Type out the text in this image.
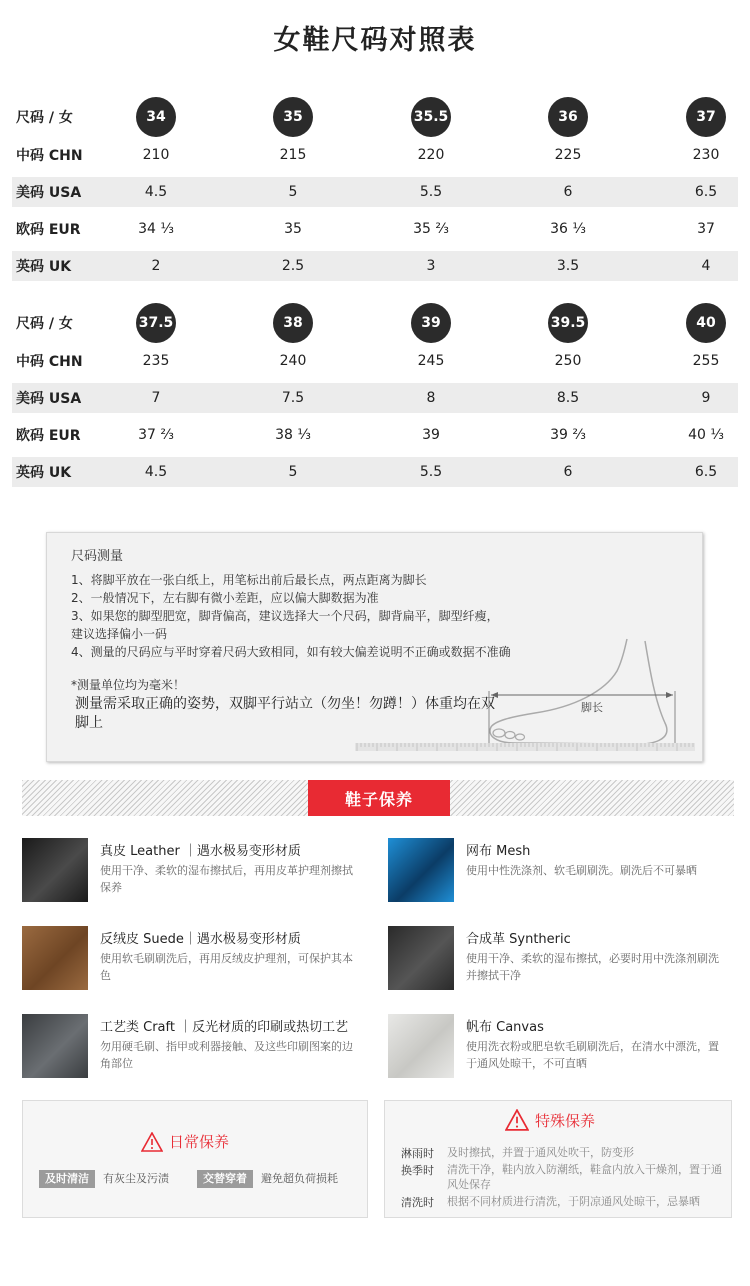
女鞋尺码对照表
尺码 / 女	34	35	35.5	36	37
中码 CHN	210	215	220	225	230
美码 USA	4.5	5	5.5	6	6.5
欧码 EUR	34 ⅓	35	35 ⅔	36 ⅓	37
英码 UK	2	2.5	3	3.5	4
尺码 / 女	37.5	38	39	39.5	40
中码 CHN	235	240	245	250	255
美码 USA	7	7.5	8	8.5	9
欧码 EUR	37 ⅔	38 ⅓	39	39 ⅔	40 ⅓
英码 UK	4.5	5	5.5	6	6.5
尺码测量
1、将脚平放在一张白纸上，用笔标出前后最长点，两点距离为脚长
2、一般情况下，左右脚有微小差距，应以偏大脚数据为准
3、如果您的脚型肥宽，脚背偏高，建议选择大一个尺码，脚背扁平，脚型纤瘦，
建议选择偏小一码
4、测量的尺码应与平时穿着尺码大致相同，如有较大偏差说明不正确或数据不准确
*测量单位均为毫米！
测量需采取正确的姿势，双脚平行站立（勿坐！勿蹲！）体重均在双脚上
脚长
鞋子保养
真皮 Leather ｜遇水极易变形材质
使用干净、柔软的湿布擦拭后，再用皮革护理剂擦拭保养
网布 Mesh
使用中性洗涤剂、软毛刷刷洗。刷洗后不可暴晒
反绒皮 Suede｜遇水极易变形材质
使用软毛刷刷洗后，再用反绒皮护理剂，可保护其本色
合成革 Syntheric
使用干净、柔软的湿布擦拭，必要时用中洗涤剂刷洗并擦拭干净
工艺类 Craft ｜反光材质的印刷或热切工艺
勿用硬毛刷、指甲或利器接触、及这些印刷图案的边角部位
帆布 Canvas
使用洗衣粉或肥皂软毛刷刷洗后，在清水中漂洗，置于通风处晾干，不可直晒
日常保养
及时清洁	有灰尘及污渍	交替穿着	避免超负荷损耗
特殊保养
淋雨时 及时擦拭，并置于通风处吹干，防变形
换季时 清洗干净，鞋内放入防潮纸，鞋盒内放入干燥剂，置于通风处保存
清洗时 根据不同材质进行清洗，于阴凉通风处晾干，忌暴晒
